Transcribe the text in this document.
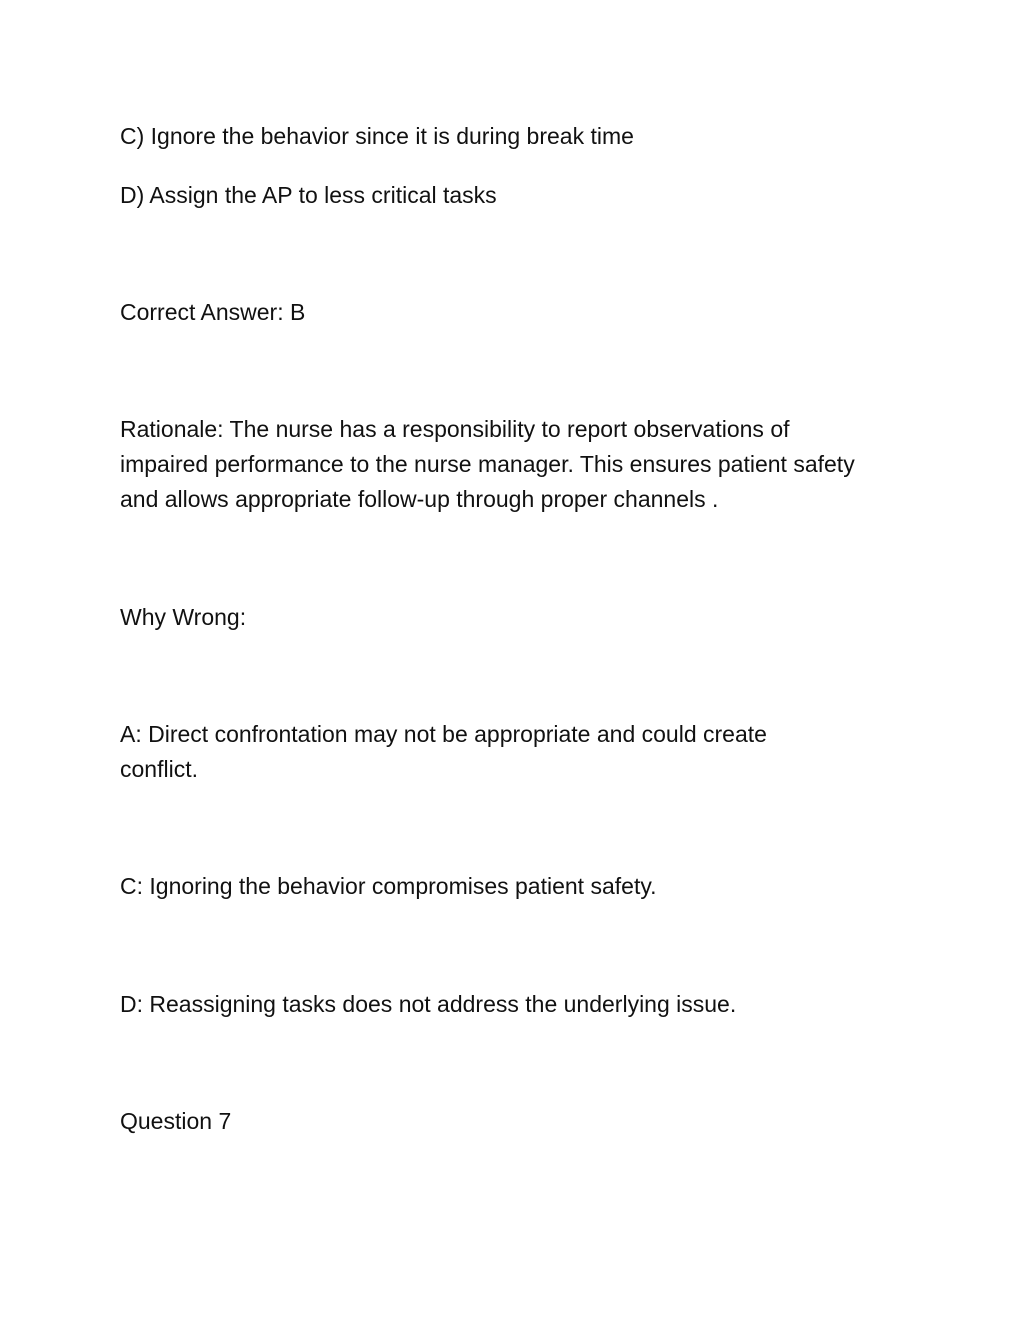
C) Ignore the behavior since it is during break time

D) Assign the AP to less critical tasks

Correct Answer: B

Rationale: The nurse has a responsibility to report observations of impaired performance to the nurse manager. This ensures patient safety and allows appropriate follow-up through proper channels .

Why Wrong:

A: Direct confrontation may not be appropriate and could create conflict.

C: Ignoring the behavior compromises patient safety.

D: Reassigning tasks does not address the underlying issue.

Question 7
